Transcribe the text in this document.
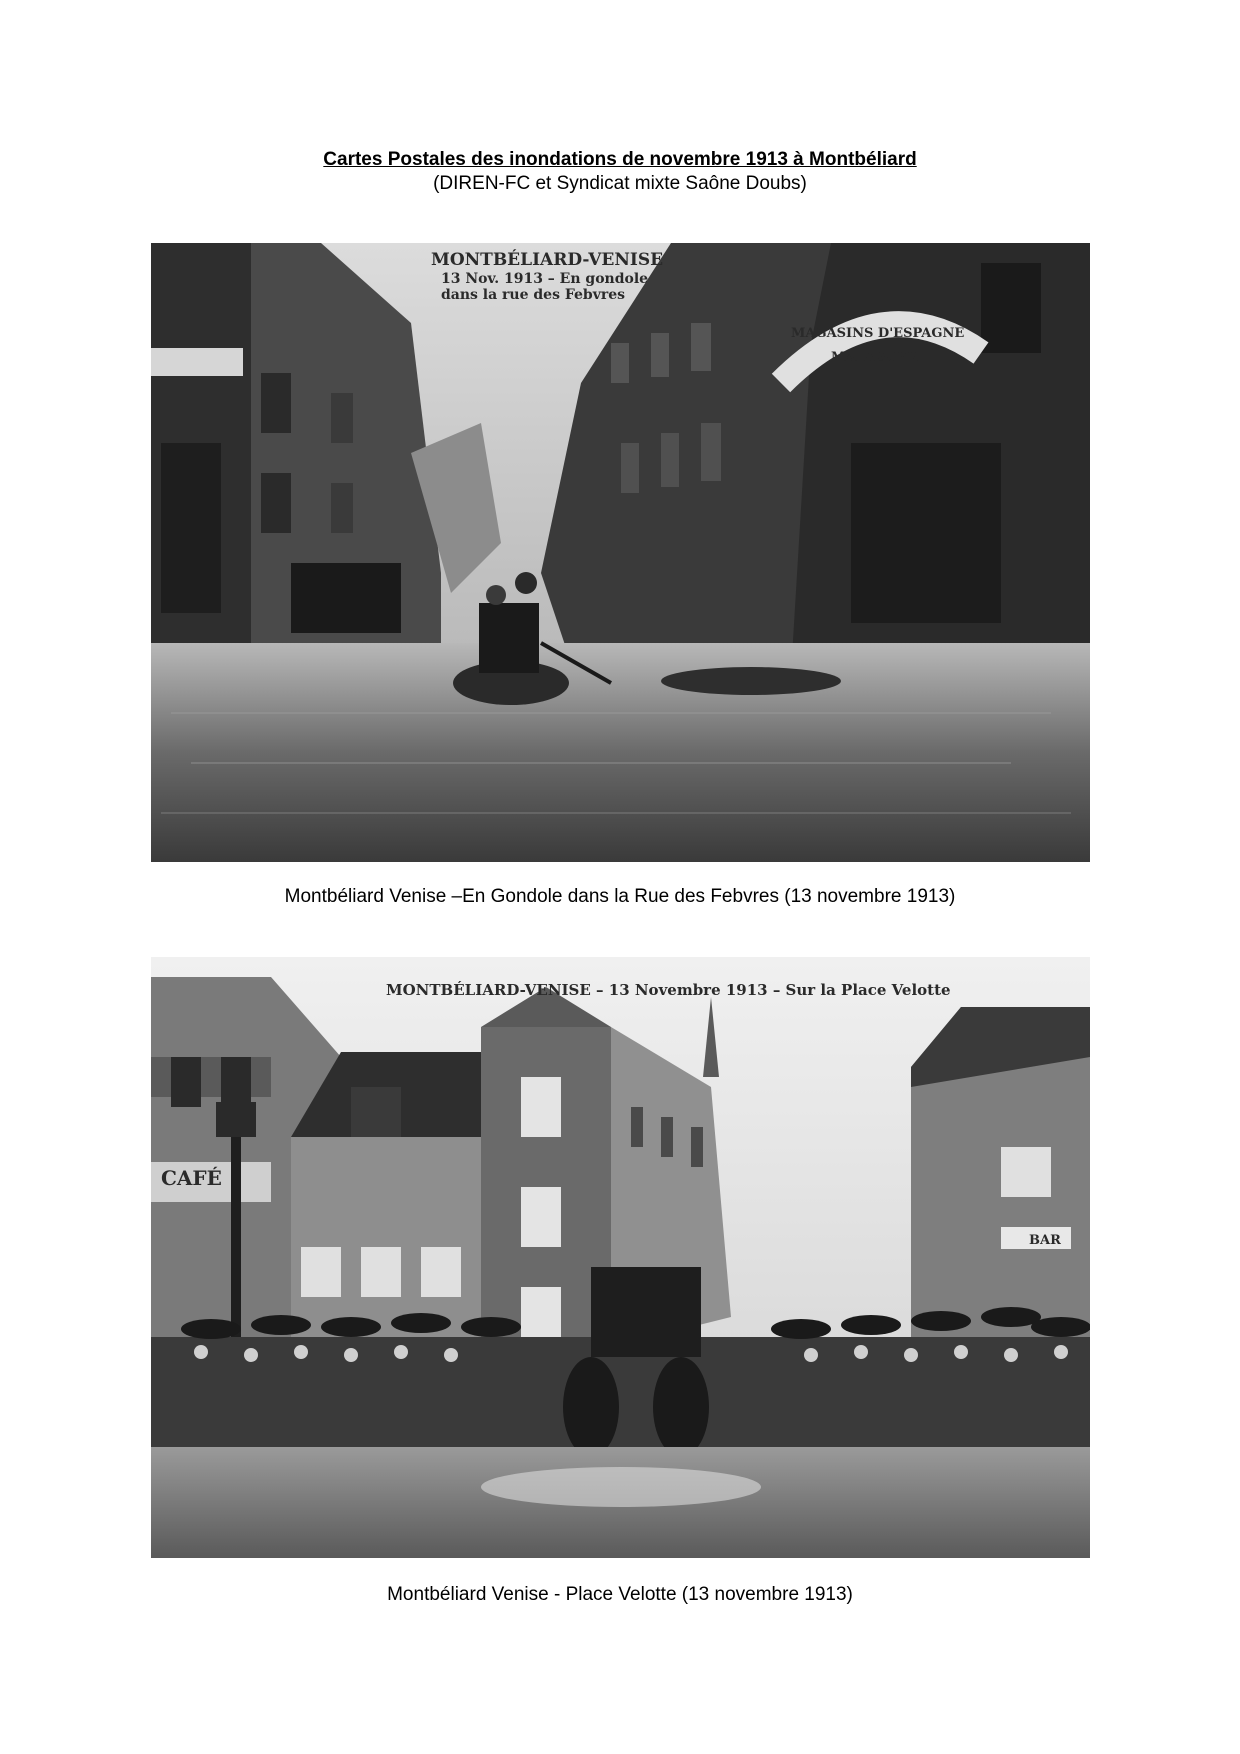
Cartes Postales des inondations de novembre 1913 à Montbéliard
(DIREN-FC et Syndicat mixte Saône Doubs)
MONTBÉLIARD-VENISE
13 Nov. 1913 – En gondole
dans la rue des Febvres
MAGASINS D'ESPAGNE
MALAGUER
Montbéliard Venise –En Gondole dans la Rue des Febvres (13 novembre 1913)
MONTBÉLIARD-VENISE – 13 Novembre 1913 – Sur la Place Velotte
CAFÉ
BAR
Montbéliard Venise - Place Velotte (13 novembre 1913)
